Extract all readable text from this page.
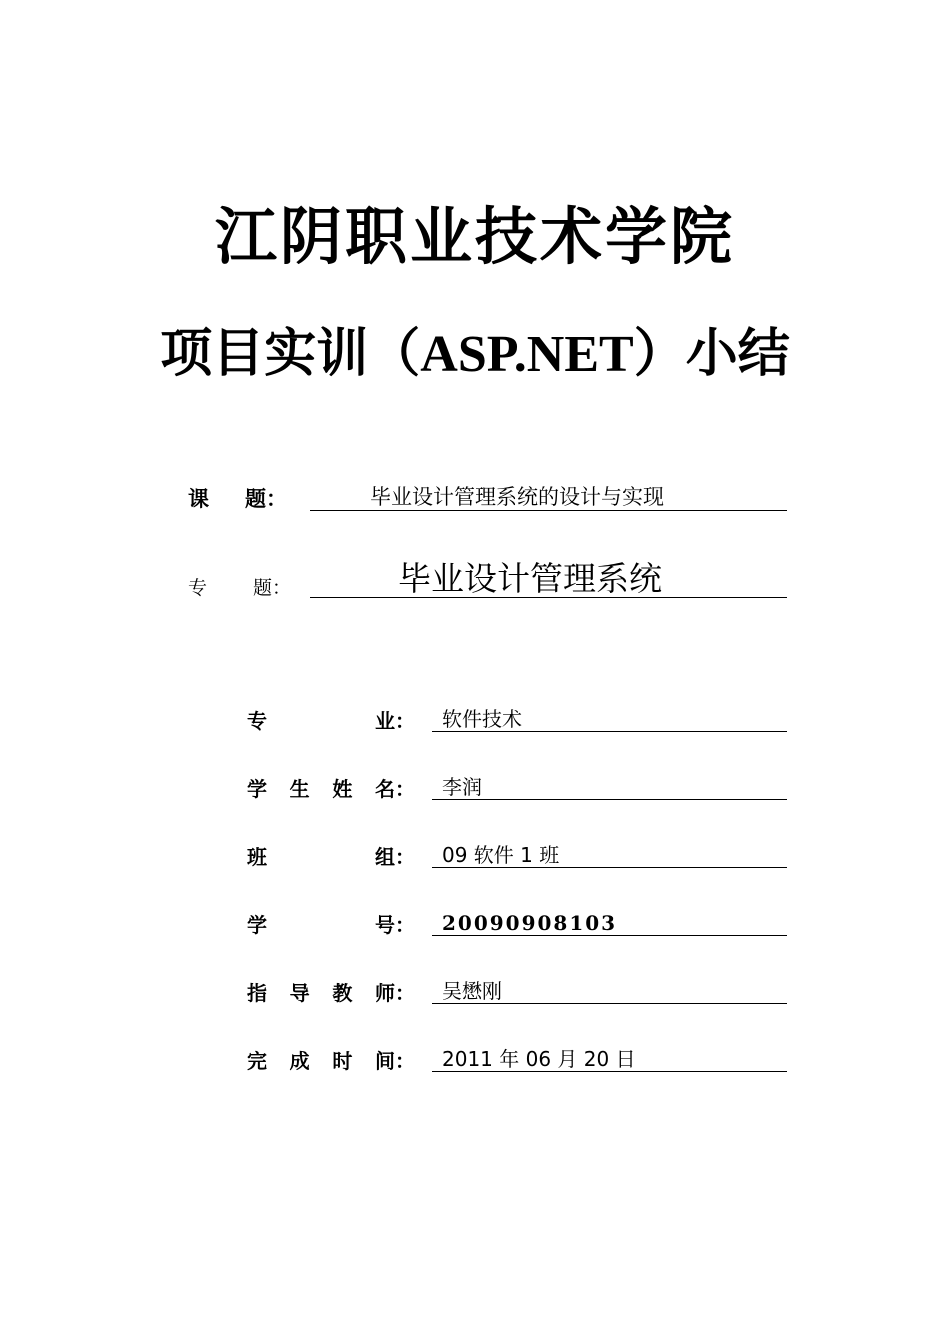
江阴职业技术学院
项目实训（ASP.NET）小结
课 题：	毕业设计管理系统的设计与实现
专 题：	毕业设计管理系统
专	业： 软件技术
学 生 姓 名： 李润
班	组： 09 软件 1 班
学	号： 20090908103
指 导 教 师： 吴懋刚
完 成 时 间： 2011 年 06 月 20 日
